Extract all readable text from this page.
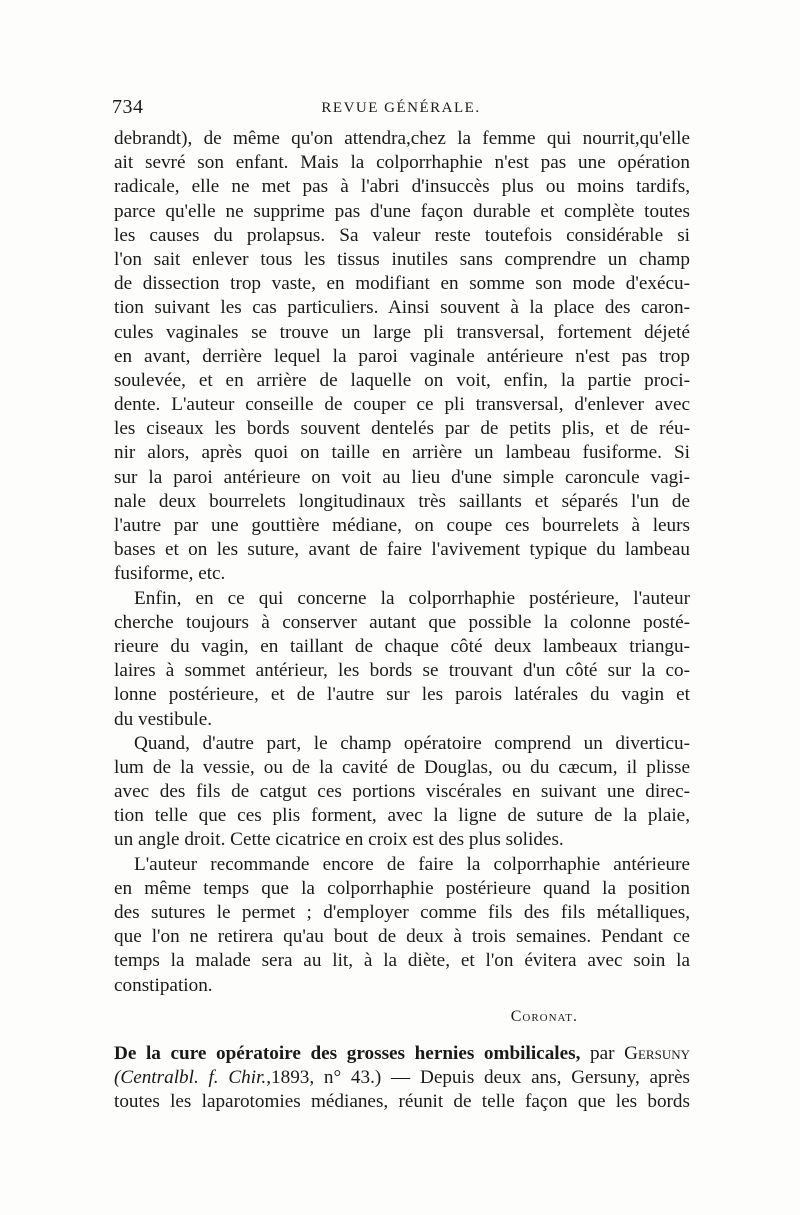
734	REVUE GÉNÉRALE.
debrandt), de même qu'on attendra,chez la femme qui nourrit,qu'elle
ait sevré son enfant. Mais la colporrhaphie n'est pas une opération
radicale, elle ne met pas à l'abri d'insuccès plus ou moins tardifs,
parce qu'elle ne supprime pas d'une façon durable et complète toutes
les causes du prolapsus. Sa valeur reste toutefois considérable si
l'on sait enlever tous les tissus inutiles sans comprendre un champ
de dissection trop vaste, en modifiant en somme son mode d'exécu-
tion suivant les cas particuliers. Ainsi souvent à la place des caron-
cules vaginales se trouve un large pli transversal, fortement déjeté
en avant, derrière lequel la paroi vaginale antérieure n'est pas trop
soulevée, et en arrière de laquelle on voit, enfin, la partie proci-
dente. L'auteur conseille de couper ce pli transversal, d'enlever avec
les ciseaux les bords souvent dentelés par de petits plis, et de réu-
nir alors, après quoi on taille en arrière un lambeau fusiforme. Si
sur la paroi antérieure on voit au lieu d'une simple caroncule vagi-
nale deux bourrelets longitudinaux très saillants et séparés l'un de
l'autre par une gouttière médiane, on coupe ces bourrelets à leurs
bases et on les suture, avant de faire l'avivement typique du lambeau
fusiforme, etc.
Enfin, en ce qui concerne la colporrhaphie postérieure, l'auteur
cherche toujours à conserver autant que possible la colonne posté-
rieure du vagin, en taillant de chaque côté deux lambeaux triangu-
laires à sommet antérieur, les bords se trouvant d'un côté sur la co-
lonne postérieure, et de l'autre sur les parois latérales du vagin et
du vestibule.
Quand, d'autre part, le champ opératoire comprend un diverticu-
lum de la vessie, ou de la cavité de Douglas, ou du cæcum, il plisse
avec des fils de catgut ces portions viscérales en suivant une direc-
tion telle que ces plis forment, avec la ligne de suture de la plaie,
un angle droit. Cette cicatrice en croix est des plus solides.
L'auteur recommande encore de faire la colporrhaphie antérieure
en même temps que la colporrhaphie postérieure quand la position
des sutures le permet ; d'employer comme fils des fils métalliques,
que l'on ne retirera qu'au bout de deux à trois semaines. Pendant ce
temps la malade sera au lit, à la diète, et l'on évitera avec soin la
constipation.
Coronat.
De la cure opératoire des grosses hernies ombilicales, par Gersuny
(Centralbl. f. Chir.,1893, n° 43.) — Depuis deux ans, Gersuny, après
toutes les laparotomies médianes, réunit de telle façon que les bords
